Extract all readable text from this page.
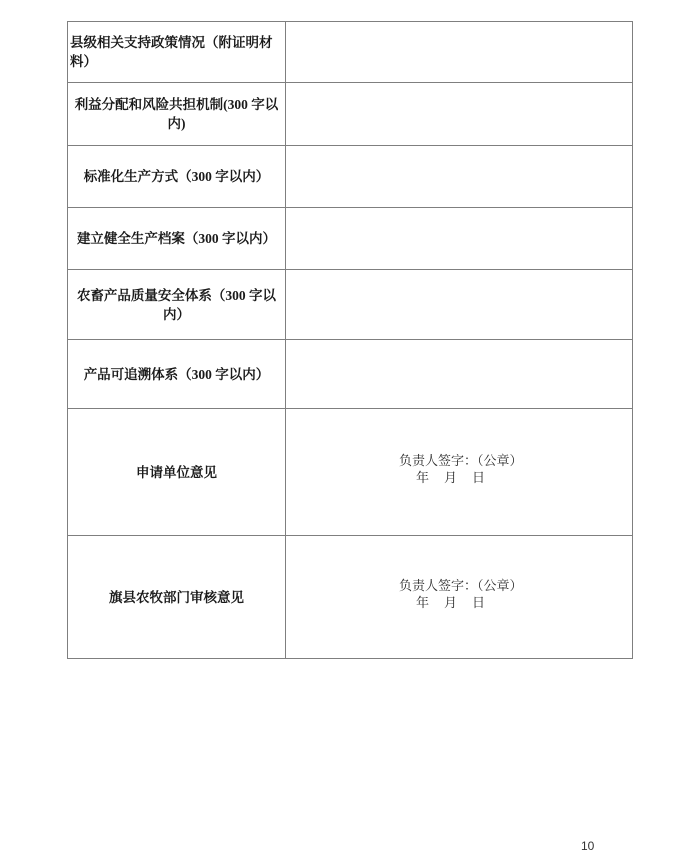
县级相关支持政策情况（附证明材料）	
利益分配和风险共担机制(300 字以内)	
标准化生产方式（300 字以内）	
建立健全生产档案（300 字以内）	
农畜产品质量安全体系（300 字以内）	
产品可追溯体系（300 字以内）	
申请单位意见	负责人签字：（公章）
年　月　日

旗县农牧部门审核意见	负责人签字：（公章）
年　月　日
10
